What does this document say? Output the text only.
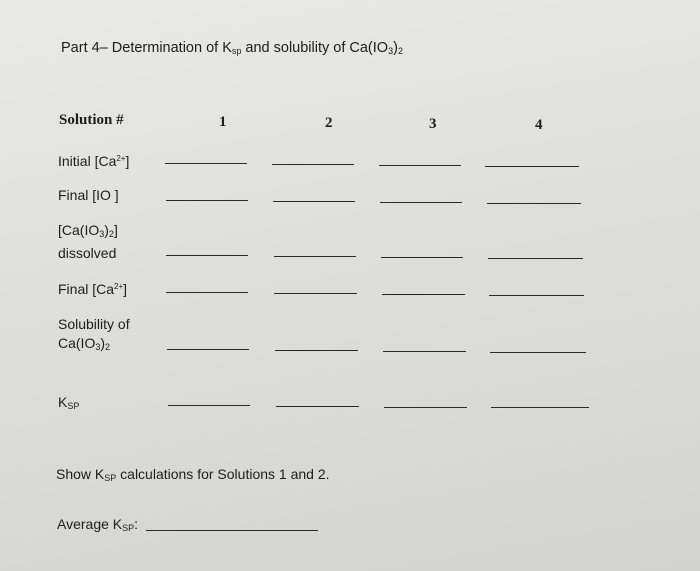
Part 4– Determination of $K_{sp}$ and solubility of $Ca(IO_3)_2$
Solution #	1	2	3	4
Initial $[Ca^{2+}]$
Final [IO ]
$[Ca(IO_3)_2]$
dissolved
Final $[Ca^{2+}]$
Solubility of
$Ca(IO_3)_2$
$K_{SP}$
Show $K_{SP}$ calculations for Solutions 1 and 2.
Average $K_{SP}$:
